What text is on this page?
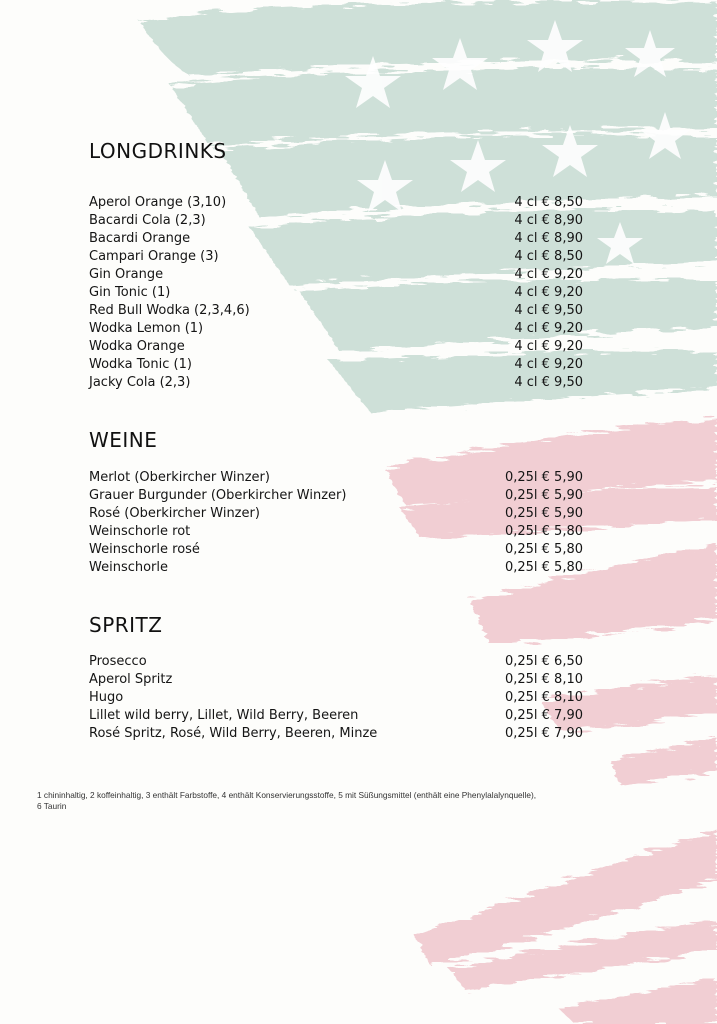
LONGDRINKS
Aperol Orange (3,10)	4 cl € 8,50
Bacardi Cola (2,3)	4 cl € 8,90
Bacardi Orange	4 cl € 8,90
Campari Orange (3)	4 cl € 8,50
Gin Orange	4 cl € 9,20
Gin Tonic (1)	4 cl € 9,20
Red Bull Wodka (2,3,4,6)	4 cl € 9,50
Wodka Lemon (1)	4 cl € 9,20
Wodka Orange	4 cl € 9,20
Wodka Tonic (1)	4 cl € 9,20
Jacky Cola (2,3)	4 cl € 9,50
WEINE
Merlot (Oberkircher Winzer)	0,25l € 5,90
Grauer Burgunder (Oberkircher Winzer)	0,25l € 5,90
Rosé (Oberkircher Winzer)	0,25l € 5,90
Weinschorle rot	0,25l € 5,80
Weinschorle rosé	0,25l € 5,80
Weinschorle	0,25l € 5,80
SPRITZ
Prosecco	0,25l € 6,50
Aperol Spritz	0,25l € 8,10
Hugo	0,25l € 8,10
Lillet wild berry, Lillet, Wild Berry, Beeren	0,25l € 7,90
Rosé Spritz, Rosé, Wild Berry, Beeren, Minze	0,25l € 7,90
1 chininhaltig, 2 koffeinhaltig, 3 enthält Farbstoffe, 4 enthält Konservierungsstoffe, 5 mit Süßungsmittel (enthält eine Phenylalalynquelle),
6 Taurin
